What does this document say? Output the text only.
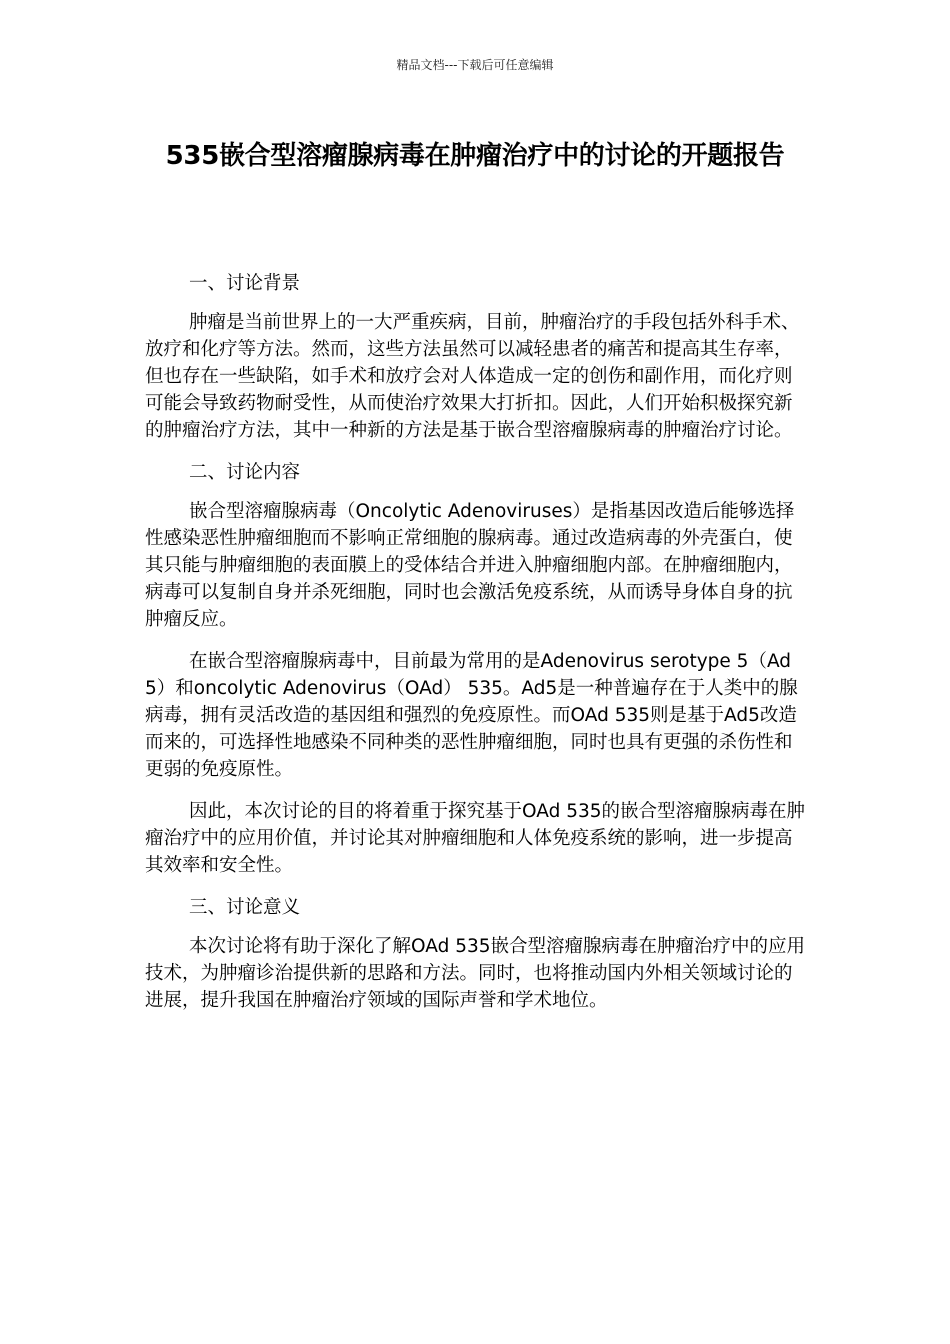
精品文档---下载后可任意编辑
535嵌合型溶瘤腺病毒在肿瘤治疗中的讨论的开题报告

一、讨论背景

肿瘤是当前世界上的一大严重疾病，目前，肿瘤治疗的手段包括外科手术、放疗和化疗等方法。然而，这些方法虽然可以减轻患者的痛苦和提高其生存率，但也存在一些缺陷，如手术和放疗会对人体造成一定的创伤和副作用，而化疗则可能会导致药物耐受性，从而使治疗效果大打折扣。因此，人们开始积极探究新的肿瘤治疗方法，其中一种新的方法是基于嵌合型溶瘤腺病毒的肿瘤治疗讨论。

二、讨论内容

嵌合型溶瘤腺病毒（Oncolytic Adenoviruses）是指基因改造后能够选择性感染恶性肿瘤细胞而不影响正常细胞的腺病毒。通过改造病毒的外壳蛋白，使其只能与肿瘤细胞的表面膜上的受体结合并进入肿瘤细胞内部。在肿瘤细胞内，病毒可以复制自身并杀死细胞，同时也会激活免疫系统，从而诱导身体自身的抗肿瘤反应。

在嵌合型溶瘤腺病毒中，目前最为常用的是Adenovirus serotype 5（Ad5）和oncolytic Adenovirus（OAd） 535。Ad5是一种普遍存在于人类中的腺病毒，拥有灵活改造的基因组和强烈的免疫原性。而OAd 535则是基于Ad5改造而来的，可选择性地感染不同种类的恶性肿瘤细胞，同时也具有更强的杀伤性和更弱的免疫原性。

因此，本次讨论的目的将着重于探究基于OAd 535的嵌合型溶瘤腺病毒在肿瘤治疗中的应用价值，并讨论其对肿瘤细胞和人体免疫系统的影响，进一步提高其效率和安全性。

三、讨论意义

本次讨论将有助于深化了解OAd 535嵌合型溶瘤腺病毒在肿瘤治疗中的应用技术，为肿瘤诊治提供新的思路和方法。同时，也将推动国内外相关领域讨论的进展，提升我国在肿瘤治疗领域的国际声誉和学术地位。
